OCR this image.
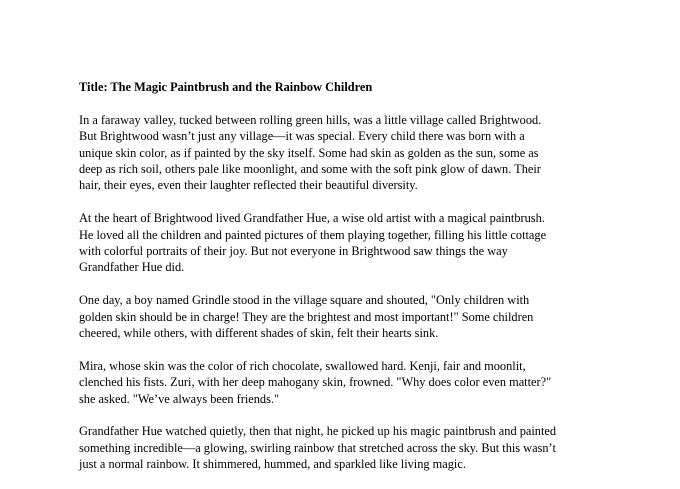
Title: The Magic Paintbrush and the Rainbow Children
In a faraway valley, tucked between rolling green hills, was a little village called Brightwood.
But Brightwood wasn’t just any village—it was special. Every child there was born with a
unique skin color, as if painted by the sky itself. Some had skin as golden as the sun, some as
deep as rich soil, others pale like moonlight, and some with the soft pink glow of dawn. Their
hair, their eyes, even their laughter reflected their beautiful diversity.
At the heart of Brightwood lived Grandfather Hue, a wise old artist with a magical paintbrush.
He loved all the children and painted pictures of them playing together, filling his little cottage
with colorful portraits of their joy. But not everyone in Brightwood saw things the way
Grandfather Hue did.
One day, a boy named Grindle stood in the village square and shouted, "Only children with
golden skin should be in charge! They are the brightest and most important!" Some children
cheered, while others, with different shades of skin, felt their hearts sink.
Mira, whose skin was the color of rich chocolate, swallowed hard. Kenji, fair and moonlit,
clenched his fists. Zuri, with her deep mahogany skin, frowned. "Why does color even matter?"
she asked. "We’ve always been friends."
Grandfather Hue watched quietly, then that night, he picked up his magic paintbrush and painted
something incredible—a glowing, swirling rainbow that stretched across the sky. But this wasn’t
just a normal rainbow. It shimmered, hummed, and sparkled like living magic.
